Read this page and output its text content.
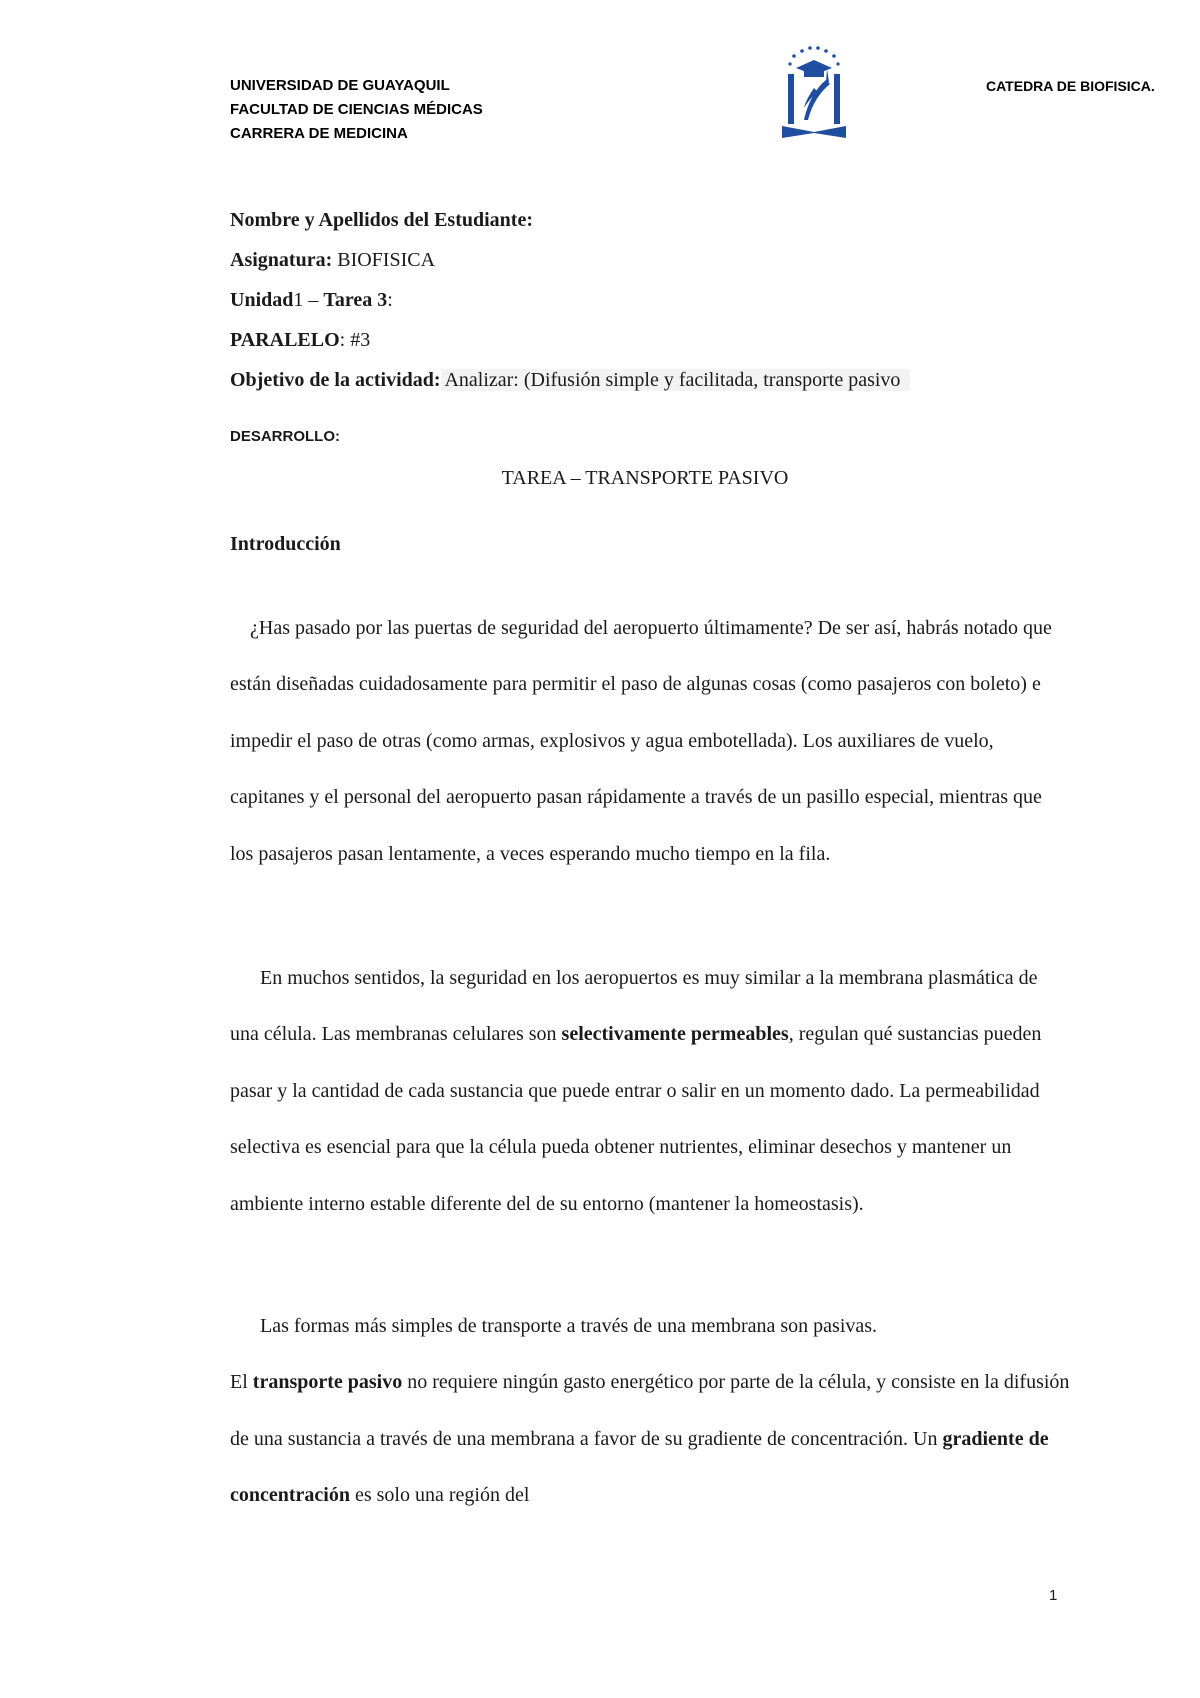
UNIVERSIDAD DE GUAYAQUIL
FACULTAD DE CIENCIAS MÉDICAS
CARRERA DE MEDICINA
CATEDRA DE BIOFISICA.
Nombre y Apellidos del Estudiante:
Asignatura: BIOFISICA
Unidad1 – Tarea 3:
PARALELO: #3
Objetivo de la actividad: Analizar: (Difusión simple y facilitada, transporte pasivo
DESARROLLO:
TAREA – TRANSPORTE PASIVO
Introducción

¿Has pasado por las puertas de seguridad del aeropuerto últimamente? De ser así, habrás notado que están diseñadas cuidadosamente para permitir el paso de algunas cosas (como pasajeros con boleto) e impedir el paso de otras (como armas, explosivos y agua embotellada). Los auxiliares de vuelo, capitanes y el personal del aeropuerto pasan rápidamente a través de un pasillo especial, mientras que los pasajeros pasan lentamente, a veces esperando mucho tiempo en la fila.

En muchos sentidos, la seguridad en los aeropuertos es muy similar a la membrana plasmática de una célula. Las membranas celulares son selectivamente permeables, regulan qué sustancias pueden pasar y la cantidad de cada sustancia que puede entrar o salir en un momento dado. La permeabilidad selectiva es esencial para que la célula pueda obtener nutrientes, eliminar desechos y mantener un ambiente interno estable diferente del de su entorno (mantener la homeostasis).

Las formas más simples de transporte a través de una membrana son pasivas.
El transporte pasivo no requiere ningún gasto energético por parte de la célula, y consiste en la difusión de una sustancia a través de una membrana a favor de su gradiente de concentración. Un gradiente de concentración es solo una región del

1
